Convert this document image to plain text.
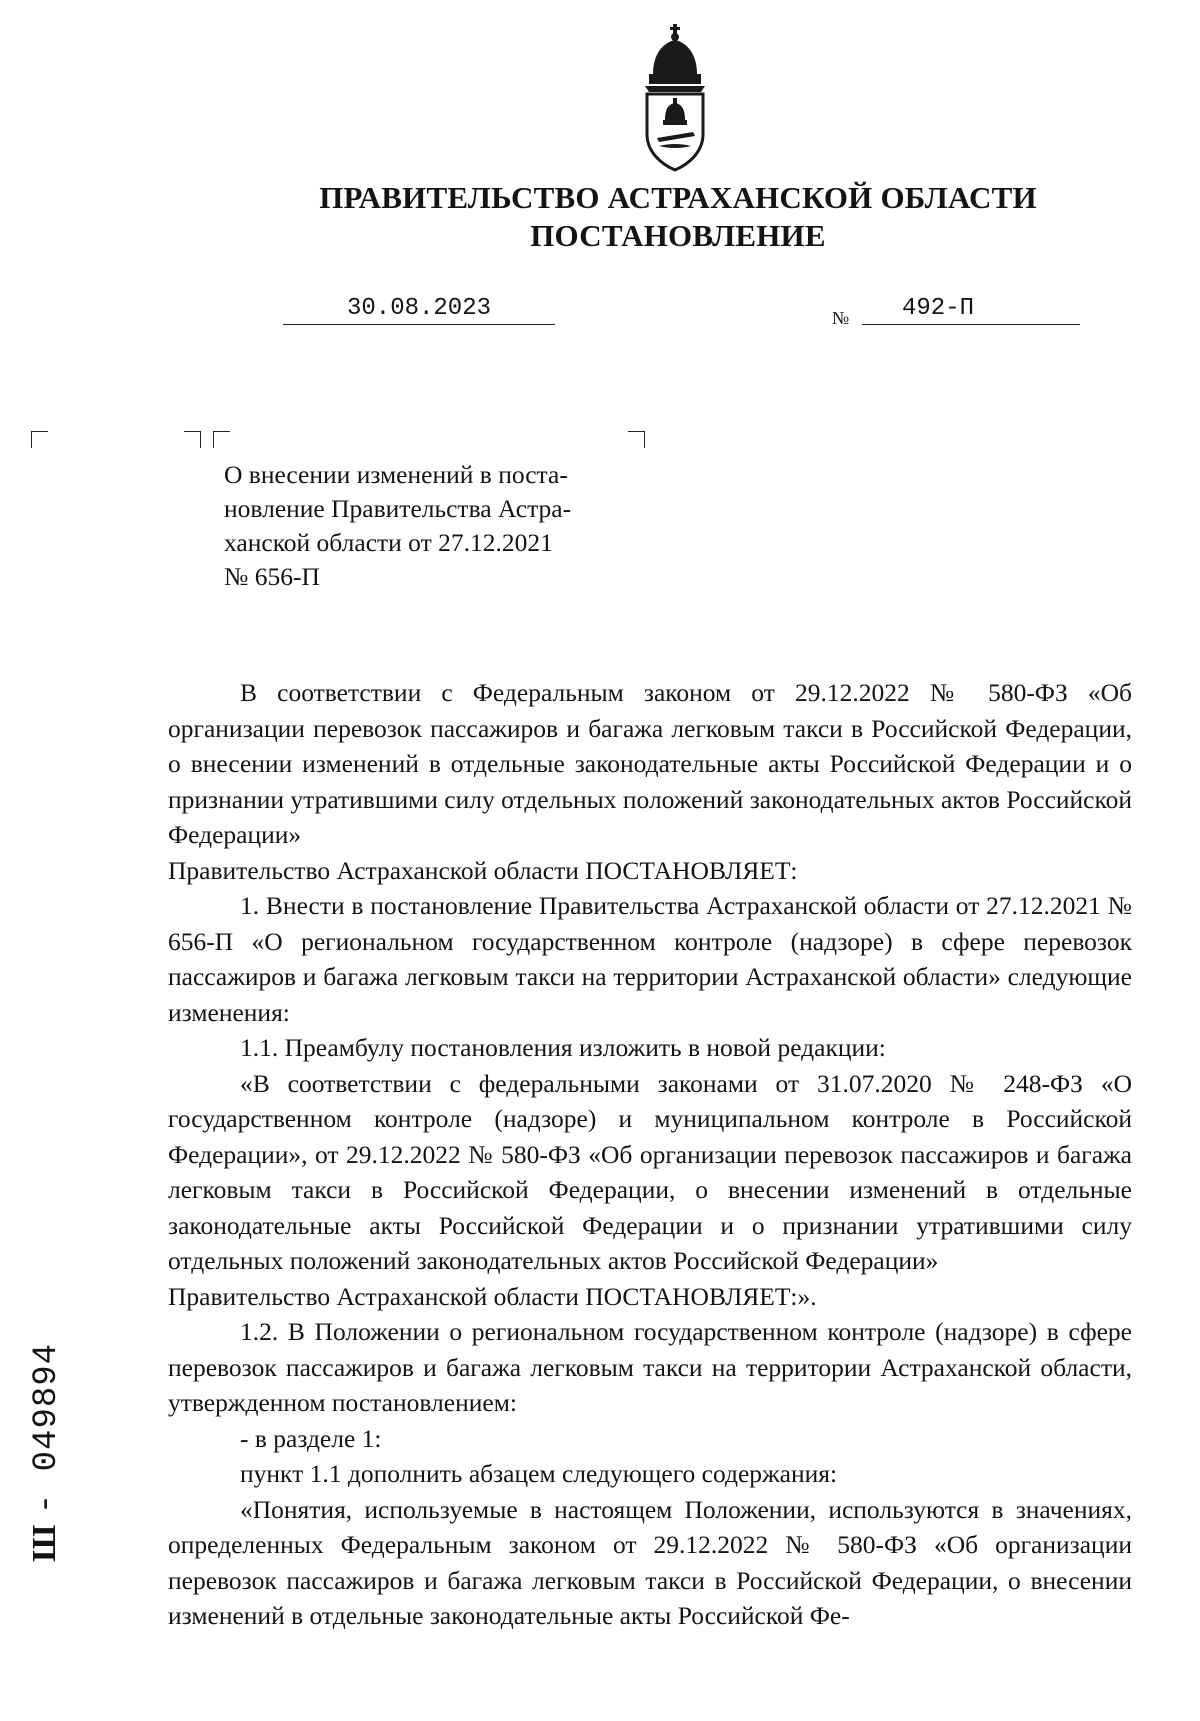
ПРАВИТЕЛЬСТВО АСТРАХАНСКОЙ ОБЛАСТИ
ПОСТАНОВЛЕНИЕ
30.08.2023	№	492-П
О внесении изменений в поста-
новление Правительства Астра-
ханской области от 27.12.2021
№ 656-П

В соответствии с Федеральным законом от 29.12.2022 № 580-ФЗ «Об организации перевозок пассажиров и багажа легковым такси в Российской Федерации, о внесении изменений в отдельные законодательные акты Российской Федерации и о признании утратившими силу отдельных положений законодательных актов Российской Федерации»

Правительство Астраханской области ПОСТАНОВЛЯЕТ:

1. Внести в постановление Правительства Астраханской области от 27.12.2021 № 656-П «О региональном государственном контроле (надзоре) в сфере перевозок пассажиров и багажа легковым такси на территории Астраханской области» следующие изменения:

1.1. Преамбулу постановления изложить в новой редакции:

«В соответствии с федеральными законами от 31.07.2020 № 248-ФЗ «О государственном контроле (надзоре) и муниципальном контроле в Российской Федерации», от 29.12.2022 № 580-ФЗ «Об организации перевозок пассажиров и багажа легковым такси в Российской Федерации, о внесении изменений в отдельные законодательные акты Российской Федерации и о признании утратившими силу отдельных положений законодательных актов Российской Федерации»

Правительство Астраханской области ПОСТАНОВЛЯЕТ:».

1.2. В Положении о региональном государственном контроле (надзоре) в сфере перевозок пассажиров и багажа легковым такси на территории Астраханской области, утвержденном постановлением:

- в разделе 1:

пункт 1.1 дополнить абзацем следующего содержания:

«Понятия, используемые в настоящем Положении, используются в значениях, определенных Федеральным законом от 29.12.2022 № 580-ФЗ «Об организации перевозок пассажиров и багажа легковым такси в Российской Федерации, о внесении изменений в отдельные законодательные акты Российской Фе-

Ш - 049894
